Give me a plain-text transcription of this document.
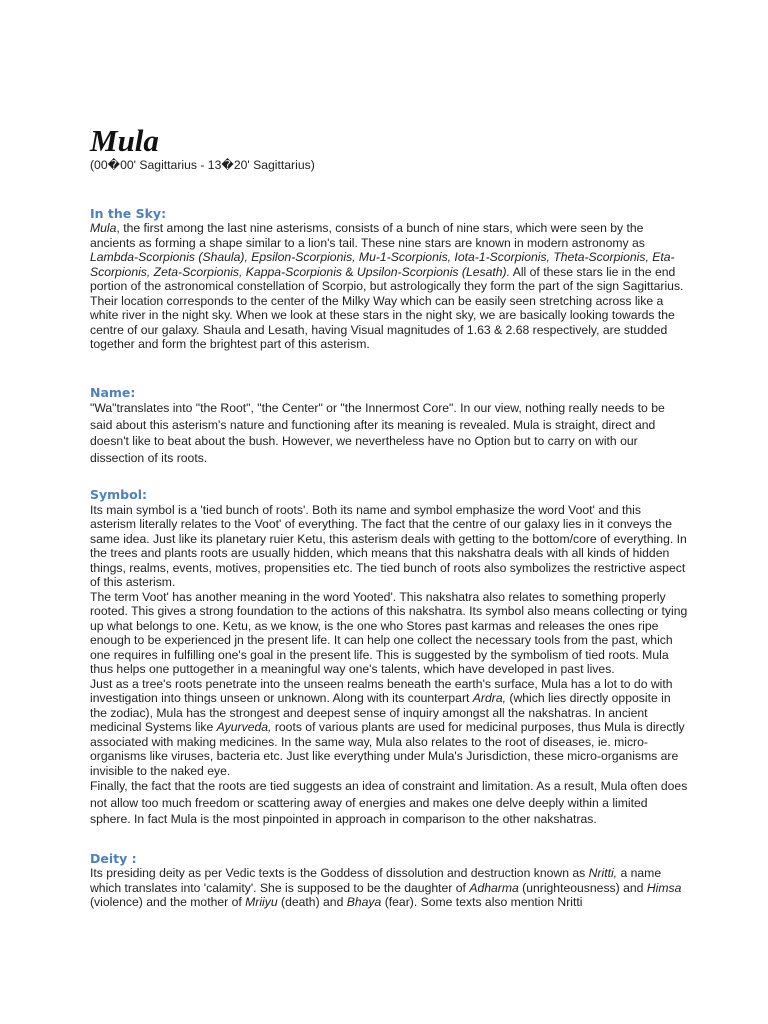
Mula

(00�00' Sagittarius - 13�20' Sagittarius)

In the Sky:

Mula, the first among the last nine asterisms, consists of a bunch of nine stars, which were seen by the ancients as forming a shape similar to a lion's tail. These nine stars are known in modern astronomy as Lambda-Scorpionis (Shaula), Epsilon-Scorpionis, Mu-1-Scorpionis, Iota-1-Scorpionis, Theta-Scorpionis, Eta-Scorpionis, Zeta-Scorpionis, Kappa-Scorpionis & Upsilon-Scorpionis (Lesath). All of these stars lie in the end portion of the astronomical constellation of Scorpio, but astrologically they form the part of the sign Sagittarius. Their location corresponds to the center of the Milky Way which can be easily seen stretching across like a white river in the night sky. When we look at these stars in the night sky, we are basically looking towards the centre of our galaxy. Shaula and Lesath, having Visual magnitudes of 1.63 & 2.68 respectively, are studded together and form the brightest part of this asterism.

Name:

"Wa"translates into "the Root", "the Center" or "the Innermost Core". In our view, nothing really needs to be said about this asterism's nature and functioning after its meaning is revealed. Mula is straight, direct and doesn't like to beat about the bush. However, we nevertheless have no Option but to carry on with our dissection of its roots.

Symbol:

Its main symbol is a 'tied bunch of roots'. Both its name and symbol emphasize the word Voot' and this asterism literally relates to the Voot' of everything. The fact that the centre of our galaxy lies in it conveys the same idea. Just like its planetary ruier Ketu, this asterism deals with getting to the bottom/core of everything. In the trees and plants roots are usually hidden, which means that this nakshatra deals with all kinds of hidden things, realms, events, motives, propensities etc. The tied bunch of roots also symbolizes the restrictive aspect of this asterism.

The term Voot' has another meaning in the word Yooted'. This nakshatra also relates to something properly rooted. This gives a strong foundation to the actions of this nakshatra. Its symbol also means collecting or tying up what belongs to one. Ketu, as we know, is the one who Stores past karmas and releases the ones ripe enough to be experienced jn the present life. It can help one collect the necessary tools from the past, which one requires in fulfilling one's goal in the present life. This is suggested by the symbolism of tied roots. Mula thus helps one puttogether in a meaningful way one's talents, which have developed in past lives.

Just as a tree's roots penetrate into the unseen realms beneath the earth's surface, Mula has a lot to do with investigation into things unseen or unknown. Along with its counterpart Ardra, (which lies directly opposite in the zodiac), Mula has the strongest and deepest sense of inquiry amongst all the nakshatras. In ancient medicinal Systems like Ayurveda, roots of various plants are used for medicinal purposes, thus Mula is directly associated with making medicines. In the same way, Mula also relates to the root of diseases, ie. micro-organisms like viruses, bacteria etc. Just like everything under Mula's Jurisdiction, these micro-organisms are invisible to the naked eye.

Finally, the fact that the roots are tied suggests an idea of constraint and limitation. As a result, Mula often does not allow too much freedom or scattering away of energies and makes one delve deeply within a limited sphere. In fact Mula is the most pinpointed in approach in comparison to the other nakshatras.

Deity :

Its presiding deity as per Vedic texts is the Goddess of dissolution and destruction known as Nritti, a name which translates into 'calamity'. She is supposed to be the daughter of Adharma (unrighteousness) and Himsa (violence) and the mother of Mriiyu (death) and Bhaya (fear). Some texts also mention Nritti
